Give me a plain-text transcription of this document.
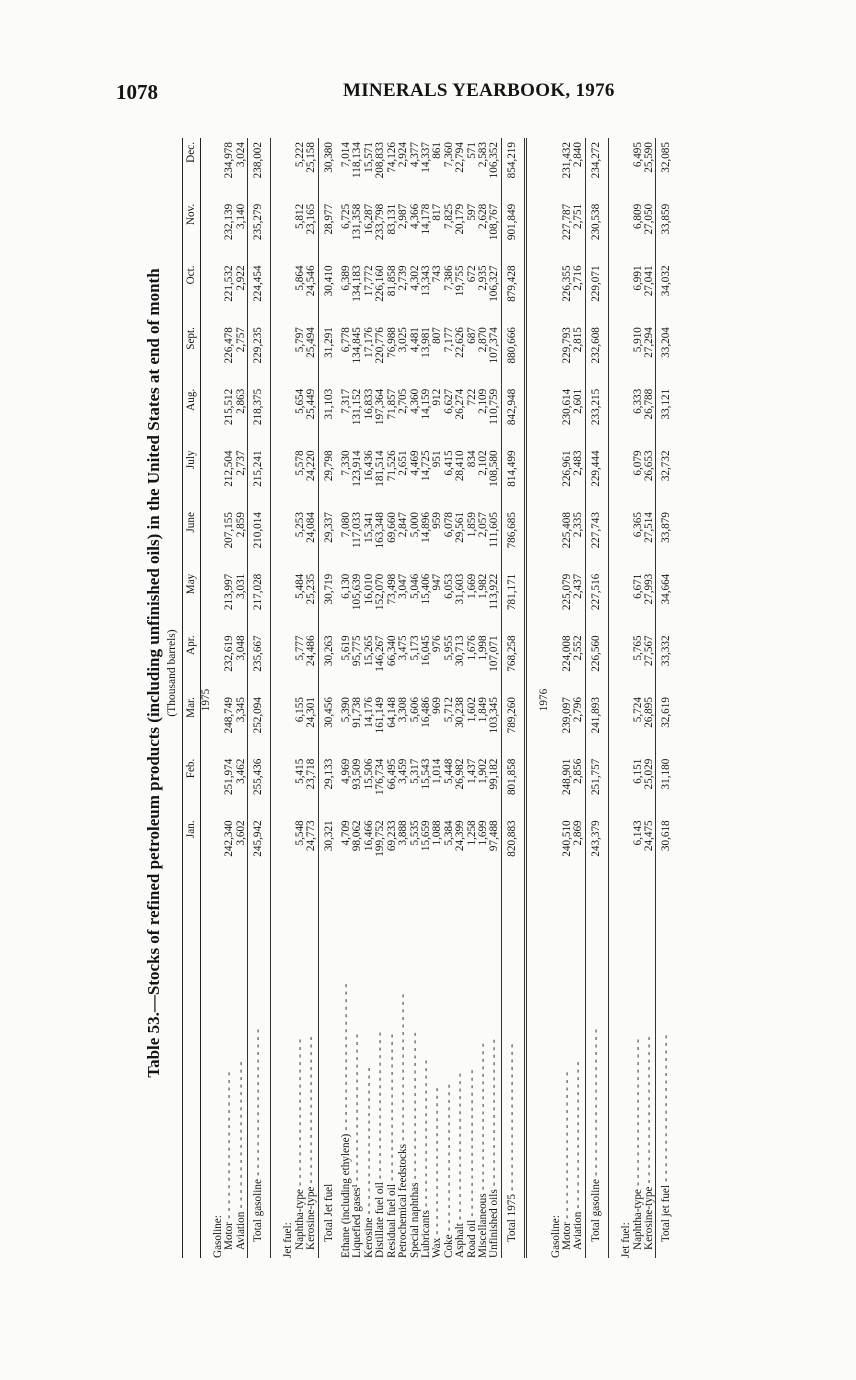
1078	MINERALS YEARBOOK, 1976
Table 53.—Stocks of refined petroleum products (including unfinished oils) in the United States at end of month (Thousand barrels)
	Jan.	Feb.	Mar.	Apr.	May	June	July	Aug.	Sept.	Oct.	Nov.	Dec.
1975												
Gasoline:												
Motor - - - - - - - - - - - - - - - - - - - -	242,340	251,974	248,749	232,619	213,997	207,155	212,504	215,512	226,478	221,532	232,139	234,978
Aviation - - - - - - - - - - - - - - - - - - - -	3,602	3,462	3,345	3,048	3,031	2,859	2,737	2,863	2,757	2,922	3,140	3,024

Total gasoline - - - - - - - - - - - - - - - - - - - -	245,942	255,436	252,094	235,667	217,028	210,014	215,241	218,375	229,235	224,454	235,279	238,002

Jet fuel:												
Naphtha-type - - - - - - - - - - - - - - - - - - - -	5,548	5,415	6,155	5,777	5,484	5,253	5,578	5,654	5,797	5,864	5,812	5,222
Kerosine-type - - - - - - - - - - - - - - - - - - - -	24,773	23,718	24,301	24,486	25,235	24,084	24,220	25,449	25,494	24,546	23,165	25,158

Total Jet fuel	30,321	29,133	30,456	30,263	30,719	29,337	29,798	31,103	31,291	30,410	28,977	30,380
Ethane (including ethylene) - - - - - - - - - - - - - - - - - - - -	4,709	4,969	5,390	5,619	6,130	7,080	7,330	7,317	6,778	6,389	6,725	7,014
Liquefied gases¹ - - - - - - - - - - - - - - - - - - - -	98,062	93,509	91,738	95,775	105,639	117,033	123,914	131,152	134,845	134,183	131,358	118,134
Kerosine - - - - - - - - - - - - - - - - - - - -	16,466	15,506	14,176	15,265	16,010	15,341	16,436	16,833	17,176	17,772	16,287	15,571
Distillate fuel oil - - - - - - - - - - - - - - - - - - - -	199,752	176,734	161,149	146,267	152,070	163,348	181,514	197,364	220,776	226,160	233,798	208,833
Residual fuel oil - - - - - - - - - - - - - - - - - - - -	69,233	66,495	64,148	66,340	73,498	69,660	71,526	71,857	76,988	81,858	83,131	74,126
Petrochemical feedstocks - - - - - - - - - - - - - - - - - - - -	3,888	3,459	3,308	3,475	3,047	2,847	2,651	2,705	3,025	2,739	2,987	2,924
Special naphthas - - - - - - - - - - - - - - - - - - - -	5,535	5,317	5,606	5,173	5,046	5,000	4,469	4,360	4,481	4,302	4,366	4,377
Lubricants - - - - - - - - - - - - - - - - - - - -	15,659	15,543	16,486	16,045	15,406	14,896	14,725	14,159	13,981	13,343	14,178	14,337
Wax - - - - - - - - - - - - - - - - - - - -	1,088	1,014	969	976	947	959	951	912	807	743	817	861
Coke - - - - - - - - - - - - - - - - - - - -	5,384	5,448	5,712	5,955	6,053	6,078	6,415	6,627	7,177	7,386	7,825	7,360
Asphalt - - - - - - - - - - - - - - - - - - - -	24,399	26,982	30,238	30,713	31,603	29,561	28,410	26,274	22,626	19,755	20,179	22,794
Road oil - - - - - - - - - - - - - - - - - - - -	1,258	1,437	1,602	1,676	1,669	1,859	834	722	687	672	597	571
Miscellaneous - - - - - - - - - - - - - - - - - - - -	1,699	1,902	1,849	1,998	1,982	2,057	2,102	2,109	2,870	2,935	2,628	2,583
Unfinished oils - - - - - - - - - - - - - - - - - - - -	97,488	99,182	103,345	107,071	113,922	111,605	108,580	110,759	107,374	106,327	108,767	106,352

Total 1975 - - - - - - - - - - - - - - - - - - - -	820,883	801,858	789,260	768,258	781,171	786,685	814,499	842,948	880,666	879,428	901,849	854,219

1976												
Gasoline:												
Motor - - - - - - - - - - - - - - - - - - - -	240,510	248,901	239,097	224,008	225,079	225,408	226,961	230,614	229,793	226,355	227,787	231,432
Aviation - - - - - - - - - - - - - - - - - - - -	2,869	2,856	2,796	2,552	2,437	2,335	2,483	2,601	2,815	2,716	2,751	2,840

Total gasoline - - - - - - - - - - - - - - - - - - - -	243,379	251,757	241,893	226,560	227,516	227,743	229,444	233,215	232,608	229,071	230,538	234,272

Jet fuel:												
Naphtha-type - - - - - - - - - - - - - - - - - - - -	6,143	6,151	5,724	5,765	6,671	6,365	6,079	6,333	5,910	6,991	6,809	6,495
Kerosine-type - - - - - - - - - - - - - - - - - - - -	24,475	25,029	26,895	27,567	27,993	27,514	26,653	26,788	27,294	27,041	27,050	25,590

Total jet fuel - - - - - - - - - - - - - - - - - - - -	30,618	31,180	32,619	33,332	34,664	33,879	32,732	33,121	33,204	34,032	33,859	32,085
